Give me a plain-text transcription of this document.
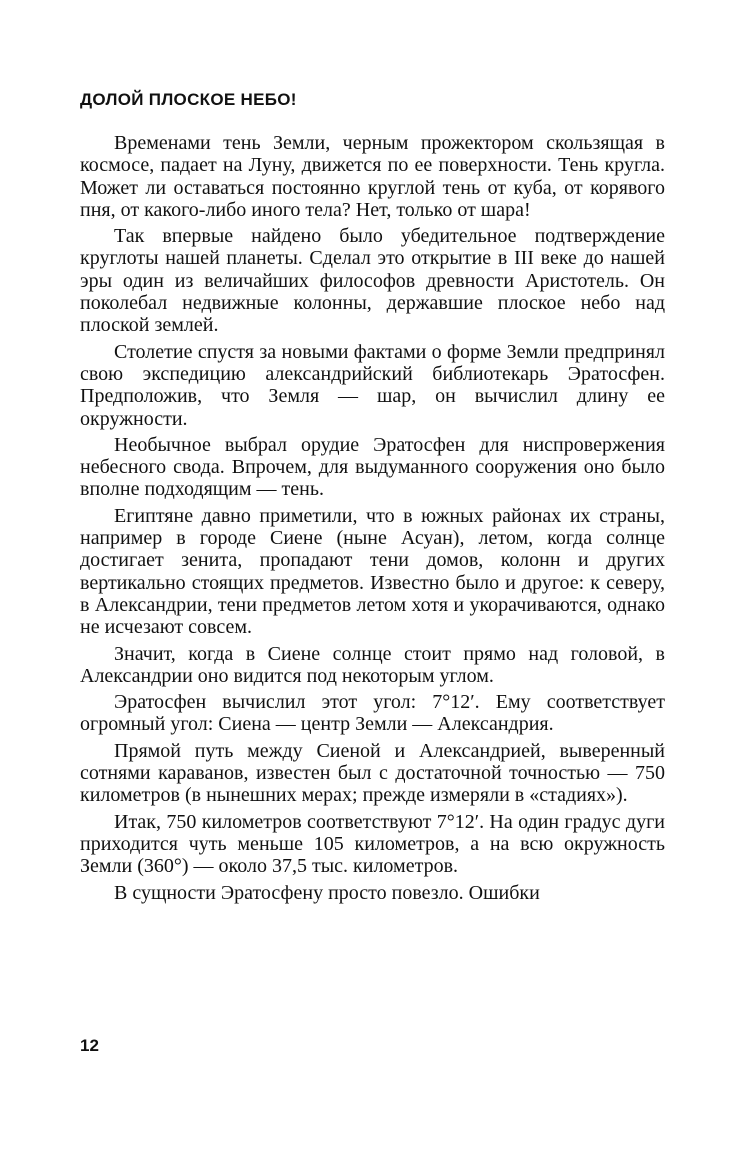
ДОЛОЙ ПЛОСКОЕ НЕБО!

Временами тень Земли, черным прожектором скользящая в космосе, падает на Луну, движется по ее поверхности. Тень кругла. Может ли оставаться постоянно круглой тень от куба, от корявого пня, от какого-либо иного тела? Нет, только от шара!

Так впервые найдено было убедительное подтверждение круглоты нашей планеты. Сделал это открытие в III веке до нашей эры один из величайших философов древности Аристотель. Он поколебал недвижные колонны, державшие плоское небо над плоской землей.

Столетие спустя за новыми фактами о форме Земли предпринял свою экспедицию александрийский библиотекарь Эратосфен. Предположив, что Земля — шар, он вычислил длину ее окружности.

Необычное выбрал орудие Эратосфен для ниспровержения небесного свода. Впрочем, для выдуманного сооружения оно было вполне подходящим — тень.

Египтяне давно приметили, что в южных районах их страны, например в городе Сиене (ныне Асуан), летом, когда солнце достигает зенита, пропадают тени домов, колонн и других вертикально стоящих предметов. Известно было и другое: к северу, в Александрии, тени предметов летом хотя и укорачиваются, однако не исчезают совсем.

Значит, когда в Сиене солнце стоит прямо над головой, в Александрии оно видится под некоторым углом.

Эратосфен вычислил этот угол: 7°12′. Ему соответствует огромный угол: Сиена — центр Земли — Александрия.

Прямой путь между Сиеной и Александрией, выверенный сотнями караванов, известен был с достаточной точностью — 750 километров (в нынешних мерах; прежде измеряли в «стадиях»).

Итак, 750 километров соответствуют 7°12′. На один градус дуги приходится чуть меньше 105 километров, а на всю окружность Земли (360°) — около 37,5 тыс. километров.

В сущности Эратосфену просто повезло. Ошибки

12
